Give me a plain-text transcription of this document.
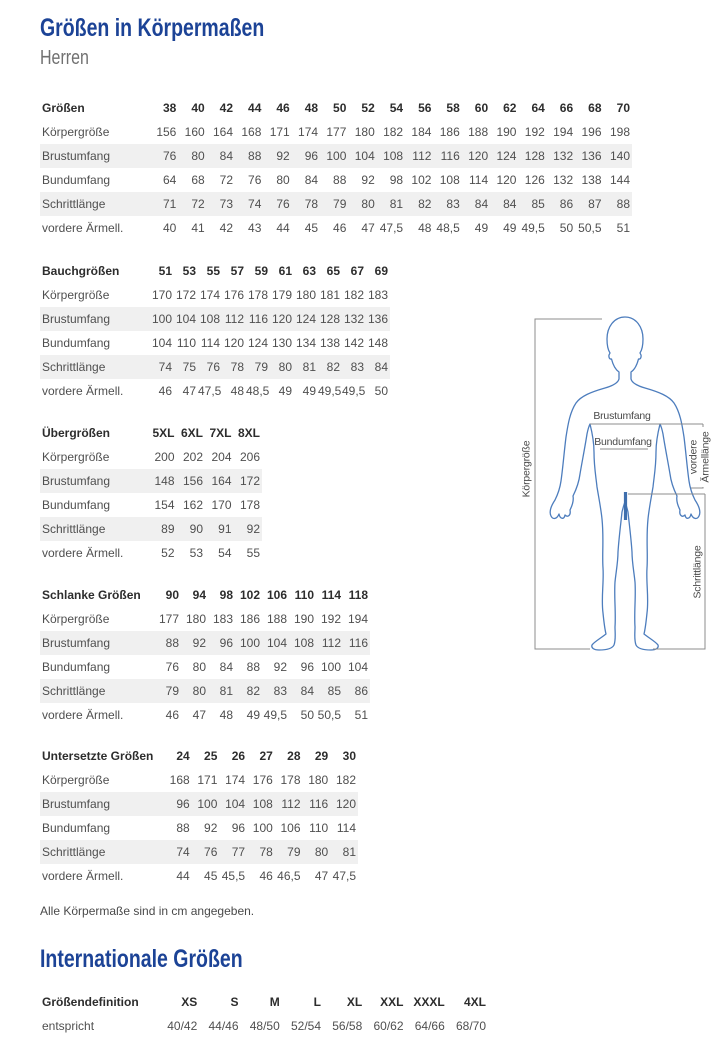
Größen in Körpermaßen
Herren
Größen	38	40	42	44	46	48	50	52	54	56	58	60	62	64	66	68	70
Körpergröße	156	160	164	168	171	174	177	180	182	184	186	188	190	192	194	196	198
Brustumfang	76	80	84	88	92	96	100	104	108	112	116	120	124	128	132	136	140
Bundumfang	64	68	72	76	80	84	88	92	98	102	108	114	120	126	132	138	144
Schrittlänge	71	72	73	74	76	78	79	80	81	82	83	84	84	85	86	87	88
vordere Ärmell.	40	41	42	43	44	45	46	47	47,5	48	48,5	49	49	49,5	50	50,5	51
Bauchgrößen	51	53	55	57	59	61	63	65	67	69
Körpergröße	170	172	174	176	178	179	180	181	182	183
Brustumfang	100	104	108	112	116	120	124	128	132	136
Bundumfang	104	110	114	120	124	130	134	138	142	148
Schrittlänge	74	75	76	78	79	80	81	82	83	84
vordere Ärmell.	46	47	47,5	48	48,5	49	49	49,5	49,5	50
Übergrößen	5XL	6XL	7XL	8XL
Körpergröße	200	202	204	206
Brustumfang	148	156	164	172
Bundumfang	154	162	170	178
Schrittlänge	89	90	91	92
vordere Ärmell.	52	53	54	55
Schlanke Größen	90	94	98	102	106	110	114	118
Körpergröße	177	180	183	186	188	190	192	194
Brustumfang	88	92	96	100	104	108	112	116
Bundumfang	76	80	84	88	92	96	100	104
Schrittlänge	79	80	81	82	83	84	85	86
vordere Ärmell.	46	47	48	49	49,5	50	50,5	51
Untersetzte Größen	24	25	26	27	28	29	30
Körpergröße	168	171	174	176	178	180	182
Brustumfang	96	100	104	108	112	116	120
Bundumfang	88	92	96	100	106	110	114
Schrittlänge	74	76	77	78	79	80	81
vordere Ärmell.	44	45	45,5	46	46,5	47	47,5

Alle Körpermaße sind in cm angegeben.

Internationale Größen
Größendefinition	XS	S	M	L	XL	XXL	XXXL	4XL
entspricht	40/42	44/46	48/50	52/54	56/58	60/62	64/66	68/70
Körpergröße
Brustumfang
Bundumfang	vordere Ärmellänge
Schrittlänge
